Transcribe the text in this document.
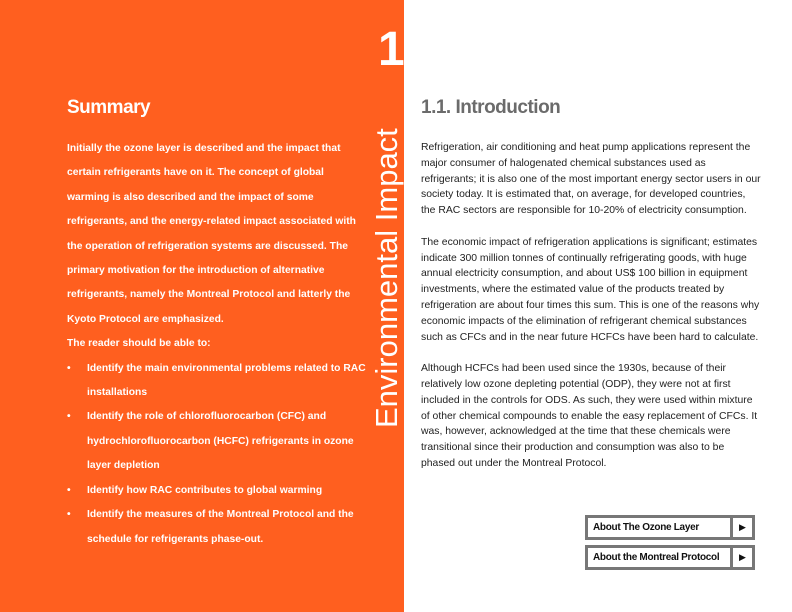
Summary

Initially the ozone layer is described and the impact that certain refrigerants have on it. The concept of global warming is also described and the impact of some refrigerants, and the energy-related impact associated with the operation of refrigeration systems are discussed. The primary motivation for the introduction of alternative refrigerants, namely the Montreal Protocol and latterly the Kyoto Protocol are emphasized.

The reader should be able to:

• Identify the main environmental problems related to RAC installations
• Identify the role of chlorofluorocarbon (CFC) and hydrochlorofluorocarbon (HCFC) refrigerants in ozone layer depletion
• Identify how RAC contributes to global warming
• Identify the measures of the Montreal Protocol and the schedule for refrigerants phase-out.
1
Environmental Impact
1.1. Introduction

Refrigeration, air conditioning and heat pump applications represent the major consumer of halogenated chemical substances used as refrigerants; it is also one of the most important energy sector users in our society today. It is estimated that, on average, for developed countries, the RAC sectors are responsible for 10-20% of electricity consumption.

The economic impact of refrigeration applications is significant; estimates indicate 300 million tonnes of continually refrigerating goods, with huge annual electricity consumption, and about US$ 100 billion in equipment investments, where the estimated value of the products treated by refrigeration are about four times this sum. This is one of the reasons why economic impacts of the elimination of refrigerant chemical substances such as CFCs and in the near future HCFCs have been hard to calculate.

Although HCFCs had been used since the 1930s, because of their relatively low ozone depleting potential (ODP), they were not at first included in the controls for ODS. As such, they were used within mixture of other chemical compounds to enable the easy replacement of CFCs. It was, however, acknowledged at the time that these chemicals were transitional since their production and consumption was also to be phased out under the Montreal Protocol.

About The Ozone Layer	▶
About the Montreal Protocol	▶
